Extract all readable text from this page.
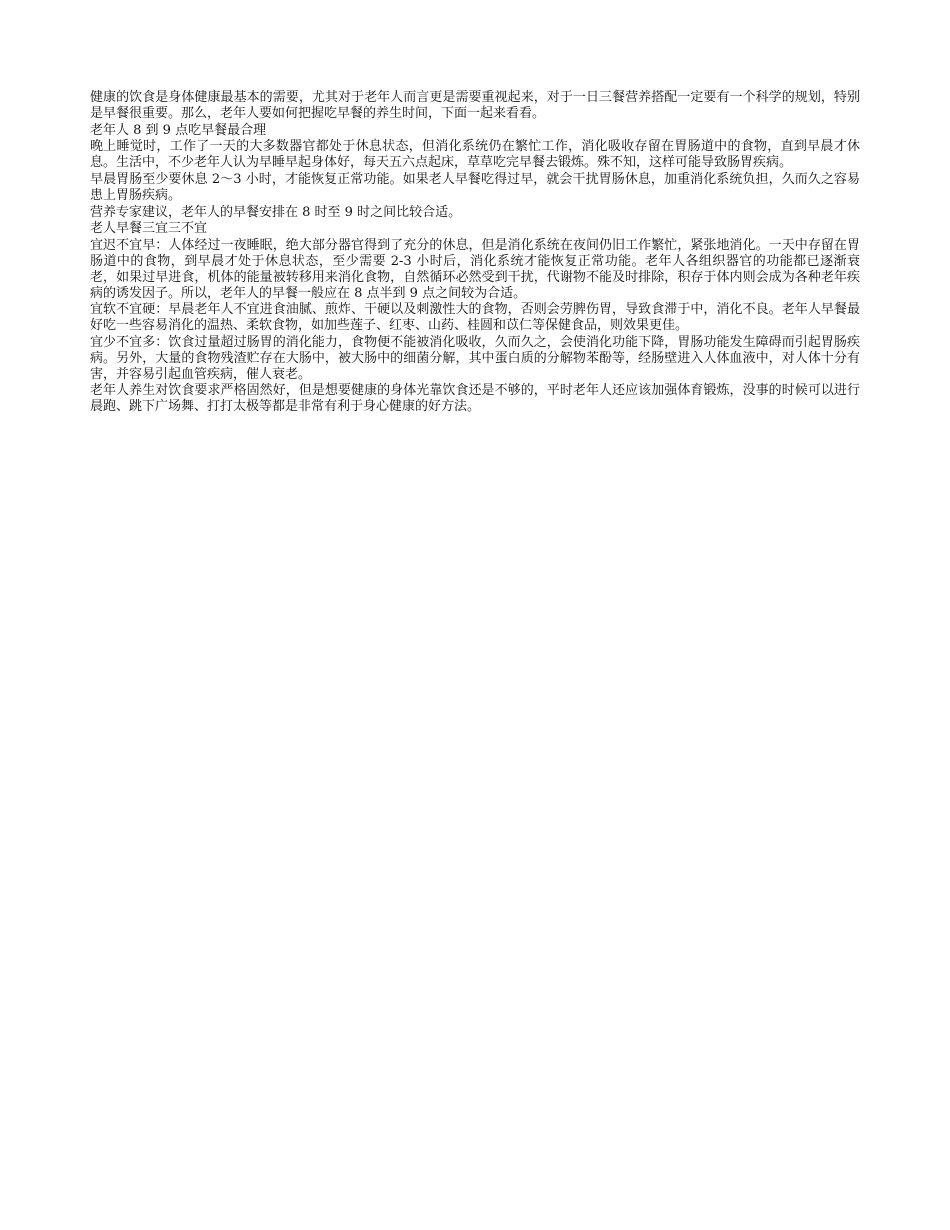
健康的饮食是身体健康最基本的需要，尤其对于老年人而言更是需要重视起来，对于一日三餐营养搭配一定要有一个科学的规划，特别是早餐很重要。那么，老年人要如何把握吃早餐的养生时间，下面一起来看看。

老年人 8 到 9 点吃早餐最合理

晚上睡觉时，工作了一天的大多数器官都处于休息状态，但消化系统仍在繁忙工作，消化吸收存留在胃肠道中的食物，直到早晨才休息。生活中，不少老年人认为早睡早起身体好，每天五六点起床，草草吃完早餐去锻炼。殊不知，这样可能导致肠胃疾病。

早晨胃肠至少要休息 2～3 小时，才能恢复正常功能。如果老人早餐吃得过早，就会干扰胃肠休息，加重消化系统负担，久而久之容易患上胃肠疾病。

营养专家建议，老年人的早餐安排在 8 时至 9 时之间比较合适。

老人早餐三宜三不宜

宜迟不宜早：人体经过一夜睡眠，绝大部分器官得到了充分的休息，但是消化系统在夜间仍旧工作繁忙，紧张地消化。一天中存留在胃肠道中的食物，到早晨才处于休息状态，至少需要 2-3 小时后，消化系统才能恢复正常功能。老年人各组织器官的功能都已逐渐衰老，如果过早进食，机体的能量被转移用来消化食物，自然循环必然受到干扰，代谢物不能及时排除，积存于体内则会成为各种老年疾病的诱发因子。所以，老年人的早餐一般应在 8 点半到 9 点之间较为合适。

宜软不宜硬：早晨老年人不宜进食油腻、煎炸、干硬以及刺激性大的食物，否则会劳脾伤胃，导致食滞于中，消化不良。老年人早餐最好吃一些容易消化的温热、柔软食物，如加些莲子、红枣、山药、桂圆和苡仁等保健食品，则效果更佳。

宜少不宜多：饮食过量超过肠胃的消化能力，食物便不能被消化吸收，久而久之，会使消化功能下降，胃肠功能发生障碍而引起胃肠疾病。另外，大量的食物残渣贮存在大肠中，被大肠中的细菌分解，其中蛋白质的分解物苯酚等，经肠壁进入人体血液中，对人体十分有害，并容易引起血管疾病，催人衰老。

老年人养生对饮食要求严格固然好，但是想要健康的身体光靠饮食还是不够的，平时老年人还应该加强体育锻炼，没事的时候可以进行晨跑、跳下广场舞、打打太极等都是非常有利于身心健康的好方法。
